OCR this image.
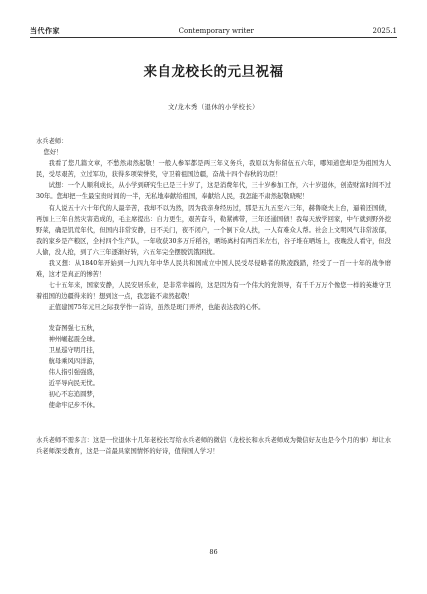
当代作家	Contemporary writer	2025.1
来自龙校长的元旦祝福
文/龙木秀（退休的小学校长）

水兵老师：

您好！

我看了您几篇文章，不愁然肃然起敬！一般人参军都是两三年义务兵，我原以为你留伍五六年，哪知道您却是为祖国为人民，受尽艰苦，立过军功，获得多项荣誉奖，守卫着祖国边疆，奋战十四个春秋的功臣！

试想：一个人顺利成长，从小学到研究生已是三十岁了，这是消费年代，三十岁参加工作，六十岁退休，创造财富时间不过30年。您却把一生最宝贵时间的一半，无私地奉献给祖国，奉献给人民，我怎能不肃然起敬晓呢！

有人说五十六十年代的人最辛苦，我却不以为然，因为我亲身经历过，那是五九五至六三年，赫鲁晓夫上台，逼着还国债，再加上三年自然灾害造成的，毛主席提出：自力更生，艰苦奋斗，勒紧裤带，三年还通国债！我每天放学回家，中午就到野外挖野菜，确是饥荒年代，但国内非常安静，日不关门，夜不闭户，一个倒下众人扶，一人有难众人帮。社会上文明风气非常浓郁，我的家乡是产粮区，全村四个生产队，一年收获30多万斤稻谷，晒场离村有两百米左右，谷子堆在晒场上，夜晚没人看守，但没人偷，没人抢，到了六三年逐渐好转，六五年完全摆脱饥饿困扰。

我又想：从1840年开始到一九四九年中华人民共和国成立中国人民受尽侵略者的欺凌践踏，经受了一百一十年的战争磨难，这才是真正的惨苦！

七十五年来，国家安静，人民安居乐业，是非常幸福的，这是因为有一个伟大的党领导，有千千万万个像您一样的英雄守卫着祖国的边疆得来的！想到这一点，我怎能不肃然起敬！

正值建国75年元旦之际我学作一首诗，虽然是斑门弄斧，也能表达我的心怀。

发奋图强七五秋，
神州崛起震全球。
卫星巡守明月挂，
航母乘风四洋游，
伟人指引强强盛，
近平导向民无忧。
初心不忘追圆梦，
使命牢记步不休。

水兵老师不需多言：这是一位退休十几年老校长写给水兵老师的微信（龙校长和水兵老师成为微信好友也是今个月的事）却让水兵老师深受教育，这是一首最具家国情怀的好诗，值得国人学习！

86
